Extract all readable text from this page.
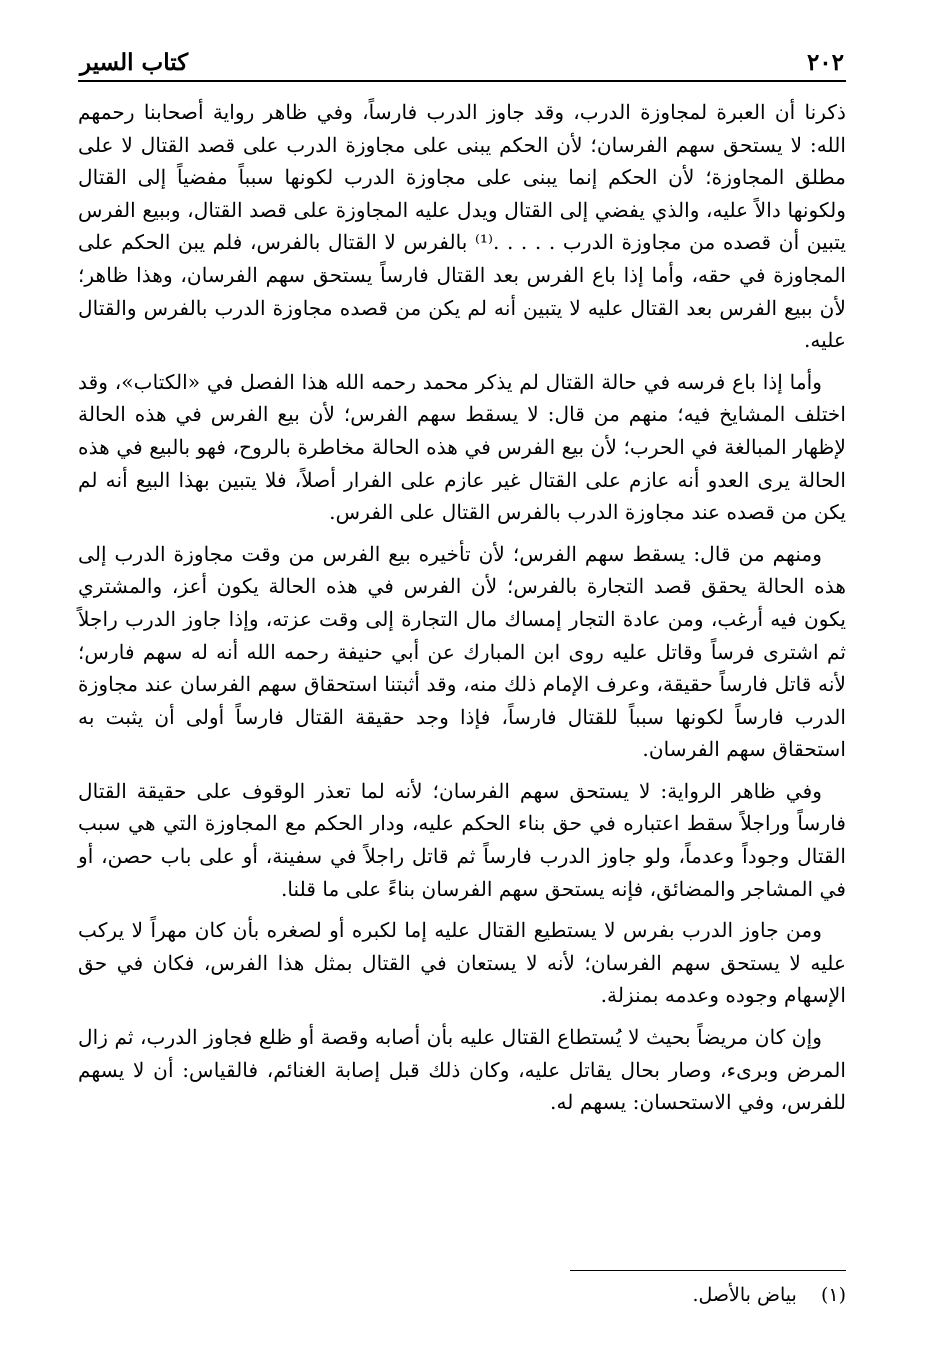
٢٠٢
كتاب السير

ذكرنا أن العبرة لمجاوزة الدرب، وقد جاوز الدرب فارساً، وفي ظاهر رواية أصحابنا رحمهم الله: لا يستحق سهم الفرسان؛ لأن الحكم يبنى على مجاوزة الدرب على قصد القتال لا على مطلق المجاوزة؛ لأن الحكم إنما يبنى على مجاوزة الدرب لكونها سبباً مفضياً إلى القتال ولكونها دالاً عليه، والذي يفضي إلى القتال ويدل عليه المجاوزة على قصد القتال، وببيع الفرس يتبين أن قصده من مجاوزة الدرب . . . . .⁽¹⁾ بالفرس لا القتال بالفرس، فلم يبن الحكم على المجاوزة في حقه، وأما إذا باع الفرس بعد القتال فارساً يستحق سهم الفرسان، وهذا ظاهر؛ لأن ببيع الفرس بعد القتال عليه لا يتبين أنه لم يكن من قصده مجاوزة الدرب بالفرس والقتال عليه.

وأما إذا باع فرسه في حالة القتال لم يذكر محمد رحمه الله هذا الفصل في «الكتاب»، وقد اختلف المشايخ فيه؛ منهم من قال: لا يسقط سهم الفرس؛ لأن بيع الفرس في هذه الحالة لإظهار المبالغة في الحرب؛ لأن بيع الفرس في هذه الحالة مخاطرة بالروح، فهو بالبيع في هذه الحالة يرى العدو أنه عازم على القتال غير عازم على الفرار أصلاً، فلا يتبين بهذا البيع أنه لم يكن من قصده عند مجاوزة الدرب بالفرس القتال على الفرس.

ومنهم من قال: يسقط سهم الفرس؛ لأن تأخيره بيع الفرس من وقت مجاوزة الدرب إلى هذه الحالة يحقق قصد التجارة بالفرس؛ لأن الفرس في هذه الحالة يكون أعز، والمشتري يكون فيه أرغب، ومن عادة التجار إمساك مال التجارة إلى وقت عزته، وإذا جاوز الدرب راجلاً ثم اشترى فرساً وقاتل عليه روى ابن المبارك عن أبي حنيفة رحمه الله أنه له سهم فارس؛ لأنه قاتل فارساً حقيقة، وعرف الإمام ذلك منه، وقد أثبتنا استحقاق سهم الفرسان عند مجاوزة الدرب فارساً لكونها سبباً للقتال فارساً، فإذا وجد حقيقة القتال فارساً أولى أن يثبت به استحقاق سهم الفرسان.

وفي ظاهر الرواية: لا يستحق سهم الفرسان؛ لأنه لما تعذر الوقوف على حقيقة القتال فارساً وراجلاً سقط اعتباره في حق بناء الحكم عليه، ودار الحكم مع المجاوزة التي هي سبب القتال وجوداً وعدماً، ولو جاوز الدرب فارساً ثم قاتل راجلاً في سفينة، أو على باب حصن، أو في المشاجر والمضائق، فإنه يستحق سهم الفرسان بناءً على ما قلنا.

ومن جاوز الدرب بفرس لا يستطيع القتال عليه إما لكبره أو لصغره بأن كان مهراً لا يركب عليه لا يستحق سهم الفرسان؛ لأنه لا يستعان في القتال بمثل هذا الفرس، فكان في حق الإسهام وجوده وعدمه بمنزلة.

وإن كان مريضاً بحيث لا يُستطاع القتال عليه بأن أصابه وقصة أو ظلع فجاوز الدرب، ثم زال المرض وبرىء، وصار بحال يقاتل عليه، وكان ذلك قبل إصابة الغنائم، فالقياس: أن لا يسهم للفرس، وفي الاستحسان: يسهم له.

(١)    بياض بالأصل.
